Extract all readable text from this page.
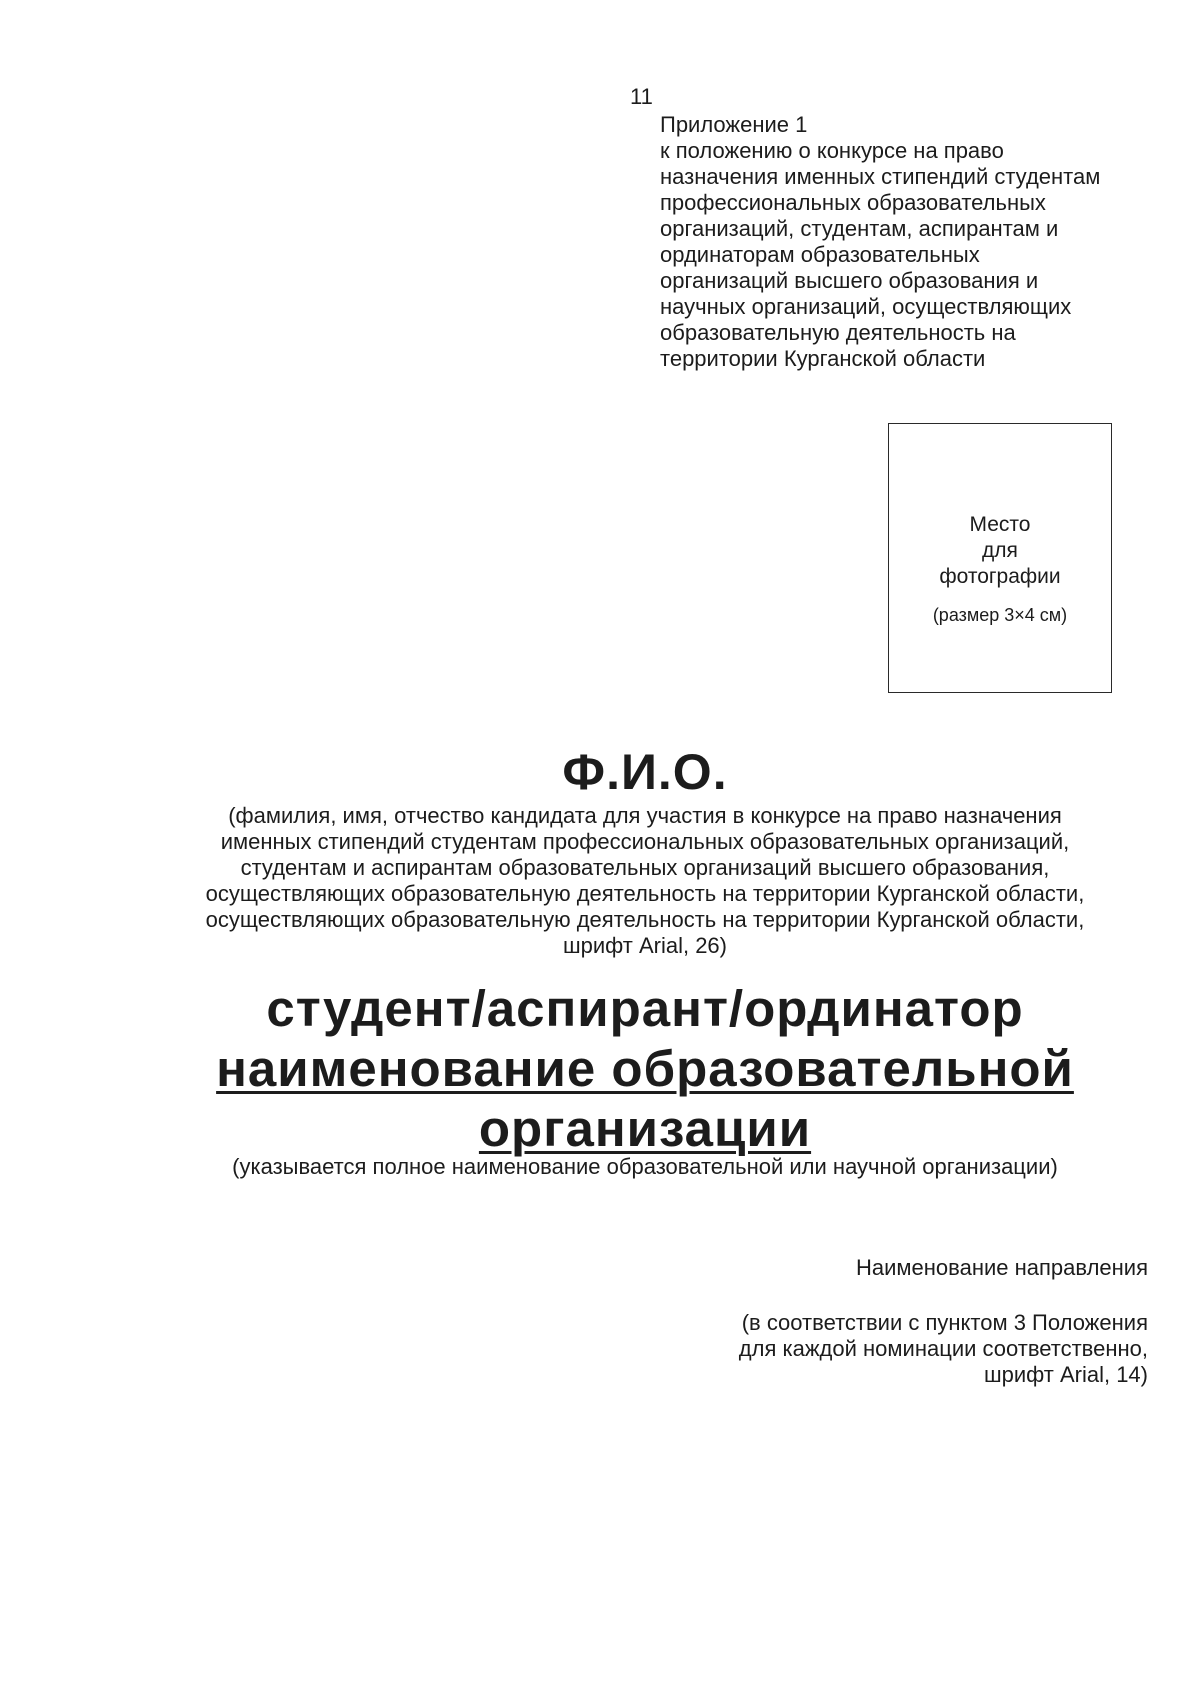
11
Приложение 1
к положению о конкурсе на право
назначения именных стипендий студентам
профессиональных образовательных
организаций, студентам, аспирантам и
ординаторам образовательных
организаций высшего образования и
научных организаций, осуществляющих
образовательную деятельность на
территории Курганской области
Место
для
фотографии
(размер 3×4 см)
Ф.И.О.
(фамилия, имя, отчество кандидата для участия в конкурсе на право назначения
именных стипендий студентам профессиональных образовательных организаций,
студентам и аспирантам образовательных организаций высшего образования,
осуществляющих образовательную деятельность на территории Курганской области,
осуществляющих образовательную деятельность на территории Курганской области,
шрифт Arial, 26)
студент/аспирант/ординатор
наименование образовательной
организации
(указывается полное наименование образовательной или научной организации)
Наименование направления
(в соответствии с пунктом 3 Положения
для каждой номинации соответственно,
шрифт Arial, 14)
